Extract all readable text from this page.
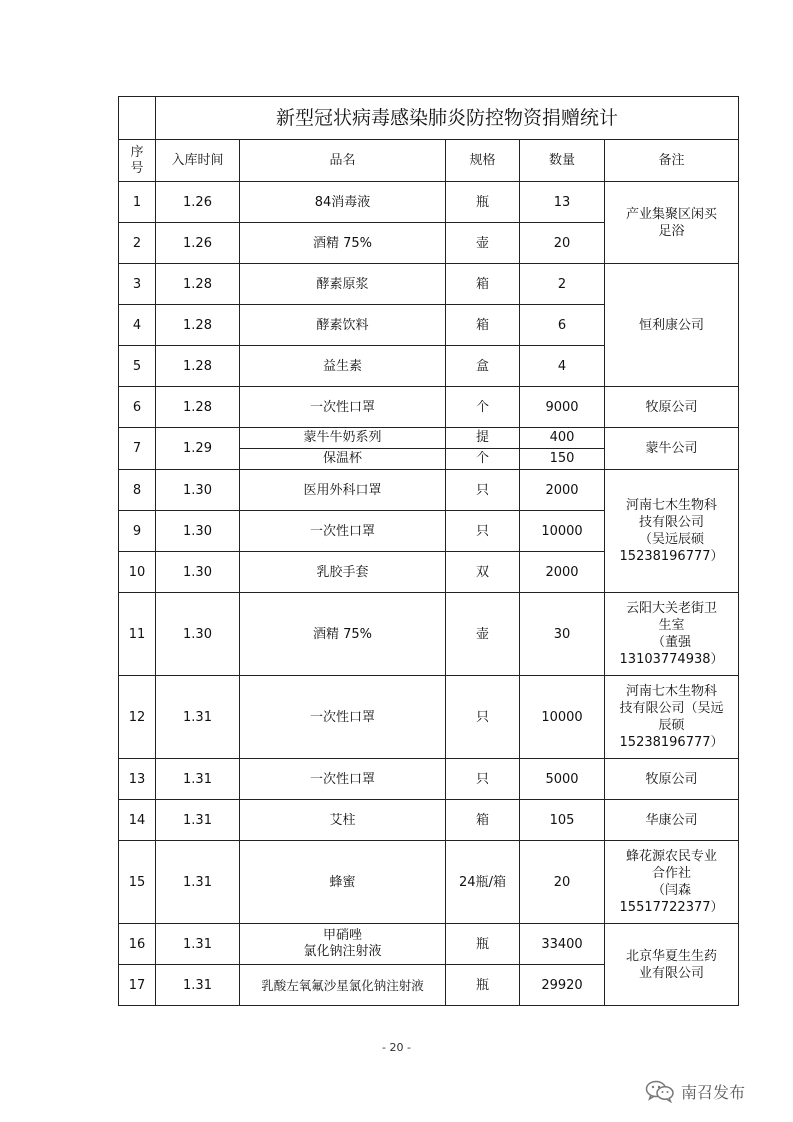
	新型冠状病毒感染肺炎防控物资捐赠统计				
序
号	入库时间	品名	规格	数量	备注
1	1.26	84消毒液	瓶	13	产业集聚区闲买
足浴
2	1.26	酒精 75%	壶	20	
3	1.28	酵素原浆	箱	2	恒利康公司
4	1.28	酵素饮料	箱	6	
5	1.28	益生素	盒	4	
6	1.28	一次性口罩	个	9000	牧原公司
7	1.29	蒙牛牛奶系列	提	400	蒙牛公司
		保温杯	个	150	
8	1.30	医用外科口罩	只	2000	河南七木生物科
技有限公司
（吴远辰硕
15238196777）
9	1.30	一次性口罩	只	10000	
10	1.30	乳胶手套	双	2000	
11	1.30	酒精 75%	壶	30	云阳大关老街卫
生室
（董强
13103774938）
12	1.31	一次性口罩	只	10000	河南七木生物科
技有限公司（吴远
辰硕
15238196777）
13	1.31	一次性口罩	只	5000	牧原公司
14	1.31	艾柱	箱	105	华康公司
15	1.31	蜂蜜	24瓶/箱	20	蜂花源农民专业
合作社
（闫森
15517722377）
16	1.31	甲硝唑
氯化钠注射液	瓶	33400	北京华夏生生药
业有限公司
17	1.31	乳酸左氧氟沙星氯化钠注射液	瓶	29920	
- 20 -
南召发布
